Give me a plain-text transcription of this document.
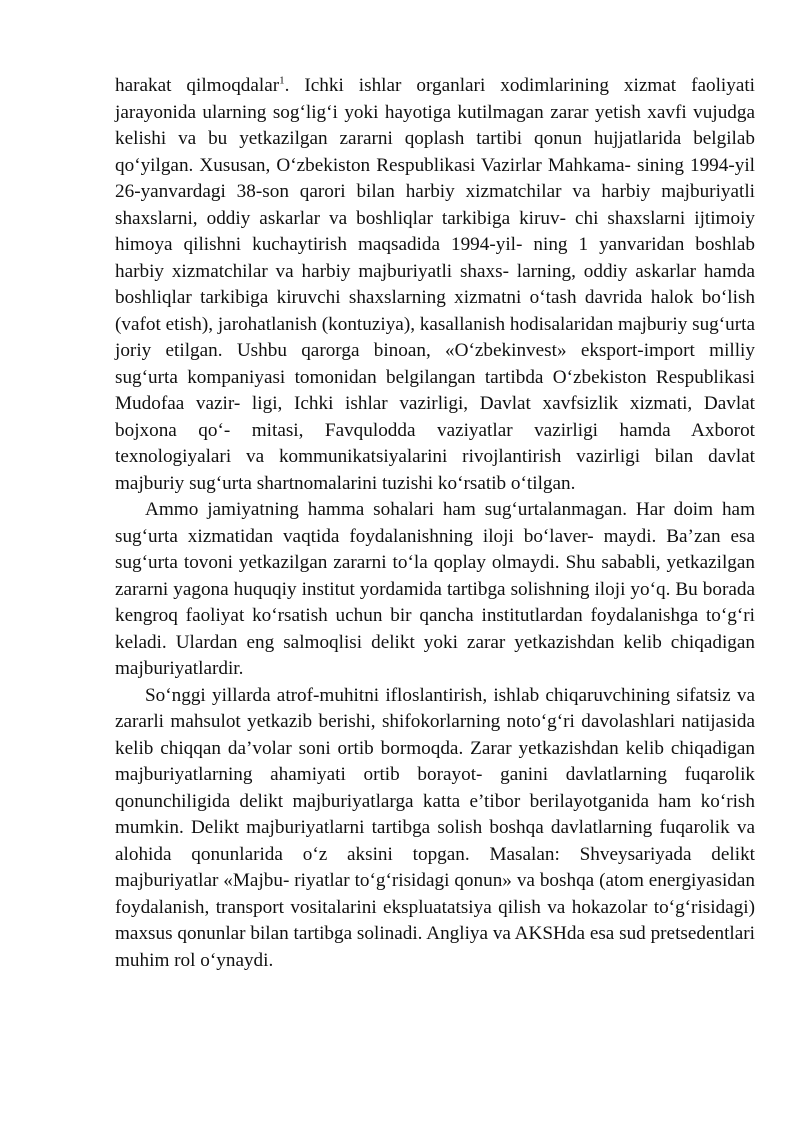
harakat qilmoqdalar$^1$. Ichki ishlar organlari xodimlarining xizmat faoliyati jarayonida ularning sog‘lig‘i yoki hayotiga kutilmagan zarar yetish xavfi vujudga kelishi va bu yetkazilgan zararni qoplash tartibi qonun hujjatlarida belgilab qo‘yilgan. Xususan, O‘zbekiston Respublikasi Vazirlar Mahkama- sining 1994-yil 26-yanvardagi 38-son qarori bilan harbiy xizmatchilar va harbiy majburiyatli shaxslarni, oddiy askarlar va boshliqlar tarkibiga kiruv- chi shaxslarni ijtimoiy himoya qilishni kuchaytirish maqsadida 1994-yil- ning 1 yanvaridan boshlab harbiy xizmatchilar va harbiy majburiyatli shaxs- larning, oddiy askarlar hamda boshliqlar tarkibiga kiruvchi shaxslarning xizmatni o‘tash davrida halok bo‘lish (vafot etish), jarohatlanish (kontuziya), kasallanish hodisalaridan majburiy sug‘urta joriy etilgan. Ushbu qarorga binoan, «O‘zbekinvest» eksport-import milliy sug‘urta kompaniyasi tomonidan belgilangan tartibda O‘zbekiston Respublikasi Mudofaa vazir- ligi, Ichki ishlar vazirligi, Davlat xavfsizlik xizmati, Davlat bojxona qo‘- mitasi, Favqulodda vaziyatlar vazirligi hamda Axborot texnologiyalari va kommunikatsiyalarini rivojlantirish vazirligi bilan davlat majburiy sug‘urta shartnomalarini tuzishi ko‘rsatib o‘tilgan.

Ammo jamiyatning hamma sohalari ham sug‘urtalanmagan. Har doim ham sug‘urta xizmatidan vaqtida foydalanishning iloji bo‘laver- maydi. Ba’zan esa sug‘urta tovoni yetkazilgan zararni to‘la qoplay olmaydi. Shu sababli, yetkazilgan zararni yagona huquqiy institut yordamida tartibga solishning iloji yo‘q. Bu borada kengroq faoliyat ko‘rsatish uchun bir qancha institutlardan foydalanishga to‘g‘ri keladi. Ulardan eng salmoqlisi delikt yoki zarar yetkazishdan kelib chiqadigan majburiyatlardir.

So‘nggi yillarda atrof-muhitni ifloslantirish, ishlab chiqaruvchining sifatsiz va zararli mahsulot yetkazib berishi, shifokorlarning noto‘g‘ri davolashlari natijasida kelib chiqqan da’volar soni ortib bormoqda. Zarar yetkazishdan kelib chiqadigan majburiyatlarning ahamiyati ortib borayot- ganini davlatlarning fuqarolik qonunchiligida delikt majburiyatlarga katta e’tibor berilayotganida ham ko‘rish mumkin. Delikt majburiyatlarni tartibga solish boshqa davlatlarning fuqarolik va alohida qonunlarida o‘z aksini topgan. Masalan: Shveysariyada delikt majburiyatlar «Majbu- riyatlar to‘g‘risidagi qonun» va boshqa (atom energiyasidan foydalanish, transport vositalarini ekspluatatsiya qilish va hokazolar to‘g‘risidagi) maxsus qonunlar bilan tartibga solinadi. Angliya va AKSHda esa sud pretsedentlari muhim rol o‘ynaydi.
